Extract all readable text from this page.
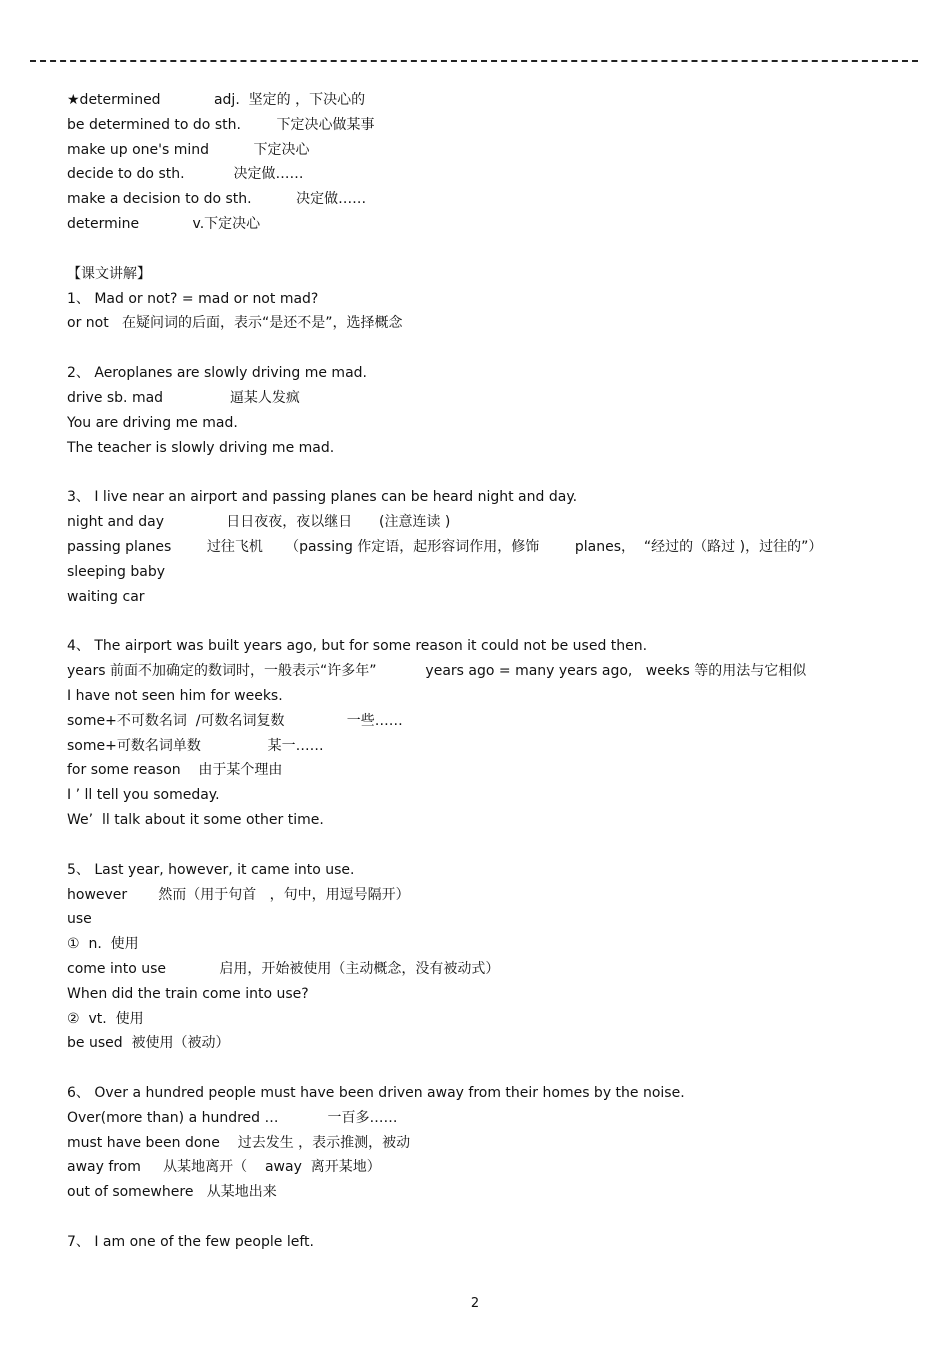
★determined            adj.  坚定的 ，下决心的
be determined to do sth.        下定决心做某事
make up one's mind          下定决心
decide to do sth.           决定做……
make a decision to do sth.          决定做……
determine            v.下定决心
【课文讲解】
1、 Mad or not? = mad or not mad?
or not   在疑问词的后面，表示“是还不是”，选择概念
2、 Aeroplanes are slowly driving me mad.
drive sb. mad               逼某人发疯
You are driving me mad.
The teacher is slowly driving me mad.
3、 I live near an airport and passing planes can be heard night and day.
night and day              日日夜夜，夜以继日      (注意连读 )
passing planes        过往飞机     （passing 作定语，起形容词作用，修饰        planes，  “经过的（路过 )，过往的”）
sleeping baby
waiting car
4、 The airport was built years ago, but for some reason it could not be used then.
years 前面不加确定的数词时，一般表示“许多年”           years ago = many years ago,   weeks 等的用法与它相似
I have not seen him for weeks.
some+不可数名词  /可数名词复数              一些……
some+可数名词单数               某一……
for some reason    由于某个理由
I ’ ll tell you someday.
We’  ll talk about it some other time.
5、 Last year, however, it came into use.
however       然而（用于句首   ，句中，用逗号隔开）
use
①  n.  使用
come into use            启用，开始被使用（主动概念，没有被动式）
When did the train come into use?
②  vt.  使用
be used  被使用（被动）
6、 Over a hundred people must have been driven away from their homes by the noise.
Over(more than) a hundred …           一百多……
must have been done    过去发生 ，表示推测，被动
away from     从某地离开（    away  离开某地）
out of somewhere   从某地出来
7、 I am one of the few people left.
2
